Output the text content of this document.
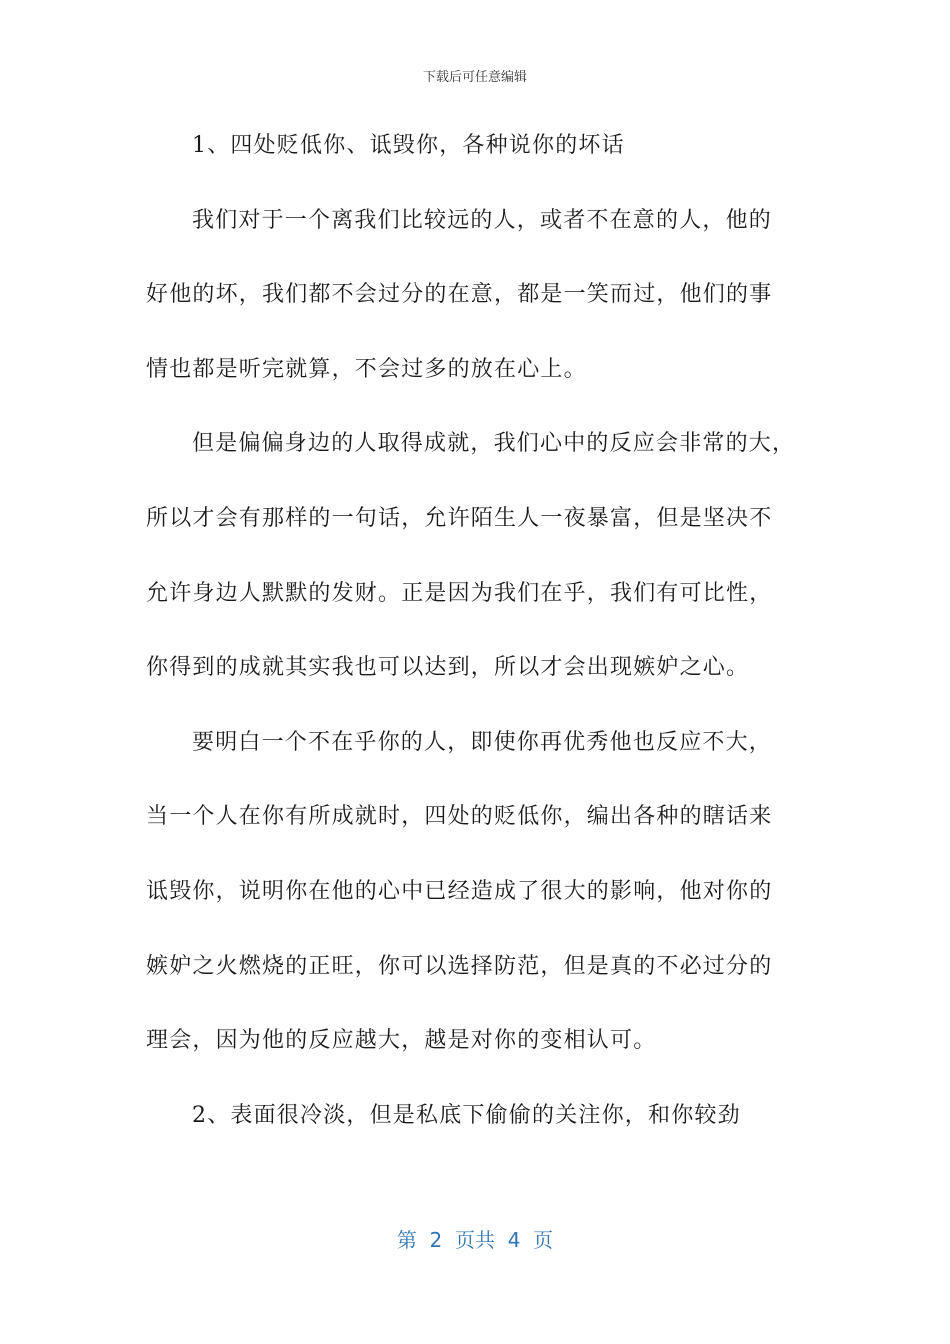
下载后可任意编辑
1、四处贬低你、诋毁你，各种说你的坏话
我们对于一个离我们比较远的人，或者不在意的人，他的
好他的坏，我们都不会过分的在意，都是一笑而过，他们的事
情也都是听完就算，不会过多的放在心上。
但是偏偏身边的人取得成就，我们心中的反应会非常的大，
所以才会有那样的一句话，允许陌生人一夜暴富，但是坚决不
允许身边人默默的发财。正是因为我们在乎，我们有可比性，
你得到的成就其实我也可以达到，所以才会出现嫉妒之心。
要明白一个不在乎你的人，即使你再优秀他也反应不大，
当一个人在你有所成就时，四处的贬低你，编出各种的瞎话来
诋毁你，说明你在他的心中已经造成了很大的影响，他对你的
嫉妒之火燃烧的正旺，你可以选择防范，但是真的不必过分的
理会，因为他的反应越大，越是对你的变相认可。
2、表面很冷淡，但是私底下偷偷的关注你，和你较劲
第  2  页共  4  页
